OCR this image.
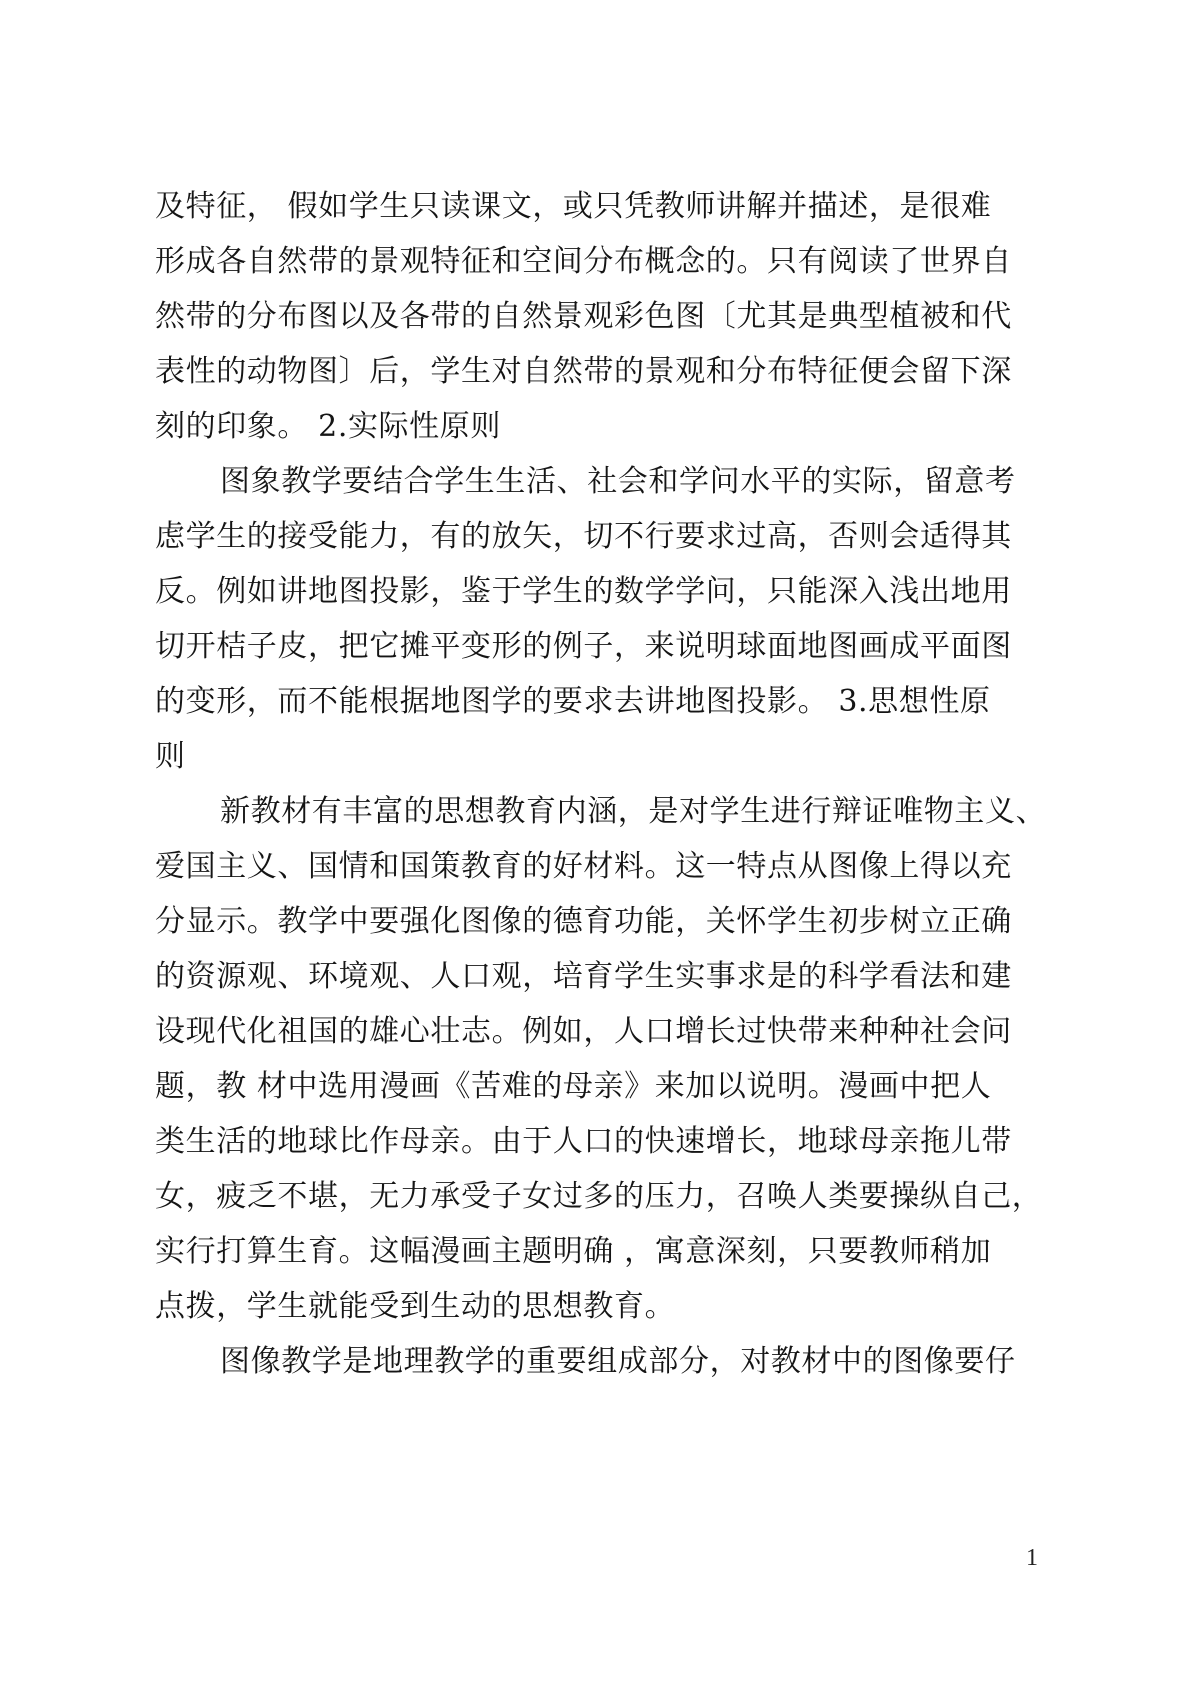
及特征， 假如学生只读课文，或只凭教师讲解并描述，是很难
形成各自然带的景观特征和空间分布概念的。只有阅读了世界自
然带的分布图以及各带的自然景观彩色图〔尤其是典型植被和代
表性的动物图〕后，学生对自然带的景观和分布特征便会留下深
刻的印象。 2.实际性原则
图象教学要结合学生生活、社会和学问水平的实际，留意考
虑学生的接受能力，有的放矢，切不行要求过高，否则会适得其
反。例如讲地图投影，鉴于学生的数学学问，只能深入浅出地用
切开桔子皮，把它摊平变形的例子，来说明球面地图画成平面图
的变形，而不能根据地图学的要求去讲地图投影。 3.思想性原
则
新教材有丰富的思想教育内涵，是对学生进行辩证唯物主义、
爱国主义、国情和国策教育的好材料。这一特点从图像上得以充
分显示。教学中要强化图像的德育功能，关怀学生初步树立正确
的资源观、环境观、人口观，培育学生实事求是的科学看法和建
设现代化祖国的雄心壮志。例如，人口增长过快带来种种社会问
题，教 材中选用漫画《苦难的母亲》来加以说明。漫画中把人
类生活的地球比作母亲。由于人口的快速增长，地球母亲拖儿带
女，疲乏不堪，无力承受子女过多的压力，召唤人类要操纵自己，
实行打算生育。这幅漫画主题明确 ，寓意深刻，只要教师稍加
点拨，学生就能受到生动的思想教育。
图像教学是地理教学的重要组成部分，对教材中的图像要仔
1
